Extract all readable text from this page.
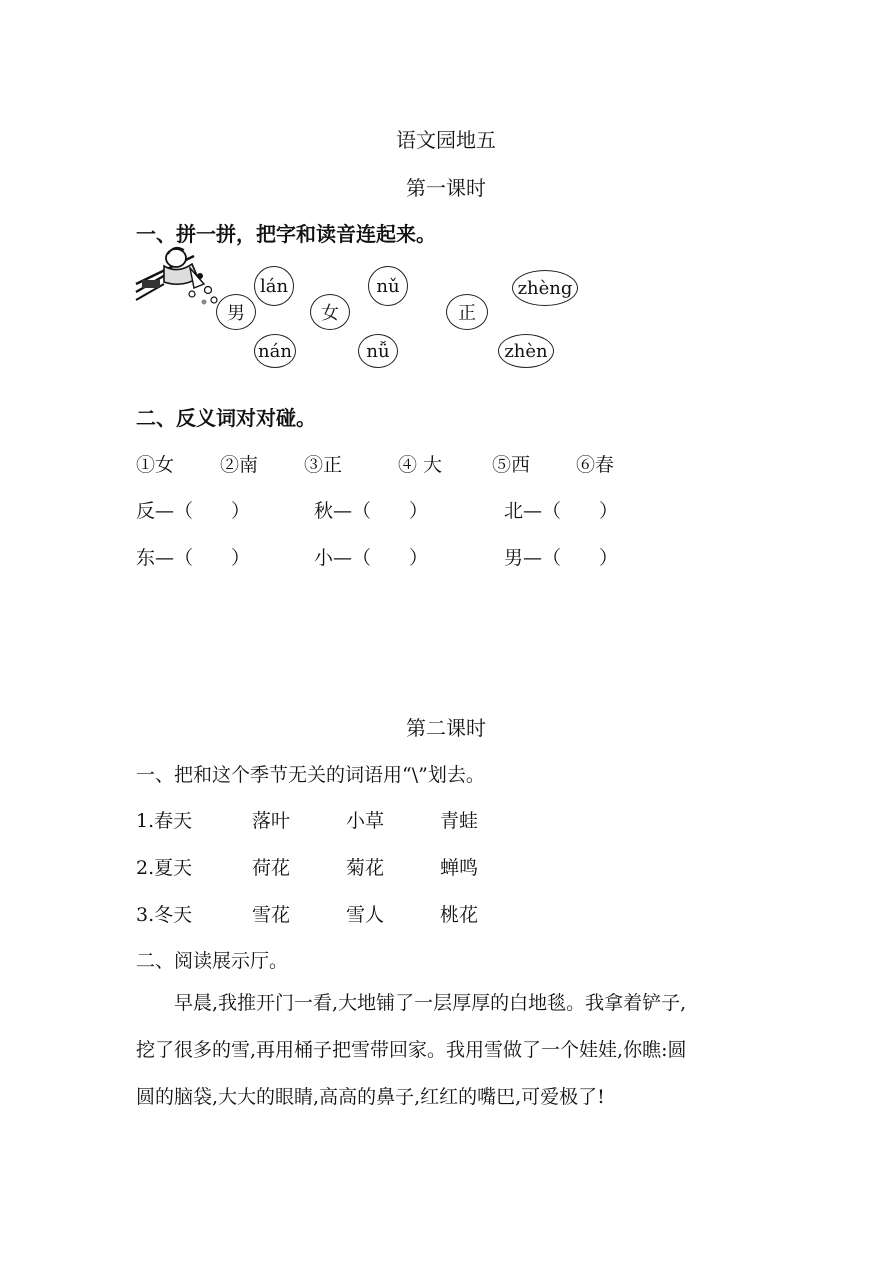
语文园地五
第一课时
一、拼一拼，把字和读音连起来。
lán	nǔ	zhèng
男	女	正
nán	nǚ	zhèn
二、反义词对对碰。
①女 ②南 ③正	④ 大	⑤西 ⑥春
反—（　　）	秋—（　　）	北—（　　）
东—（　　）	小—（　　）	男—（　　）
第二课时
一、把和这个季节无关的词语用“\”划去。
1.春天	落叶	小草	青蛙
2.夏天	荷花	菊花	蝉鸣
3.冬天	雪花	雪人	桃花
二、阅读展示厅。
早晨,我推开门一看,大地铺了一层厚厚的白地毯。我拿着铲子,
挖了很多的雪,再用桶子把雪带回家。我用雪做了一个娃娃,你瞧:圆
圆的脑袋,大大的眼睛,高高的鼻子,红红的嘴巴,可爱极了!
